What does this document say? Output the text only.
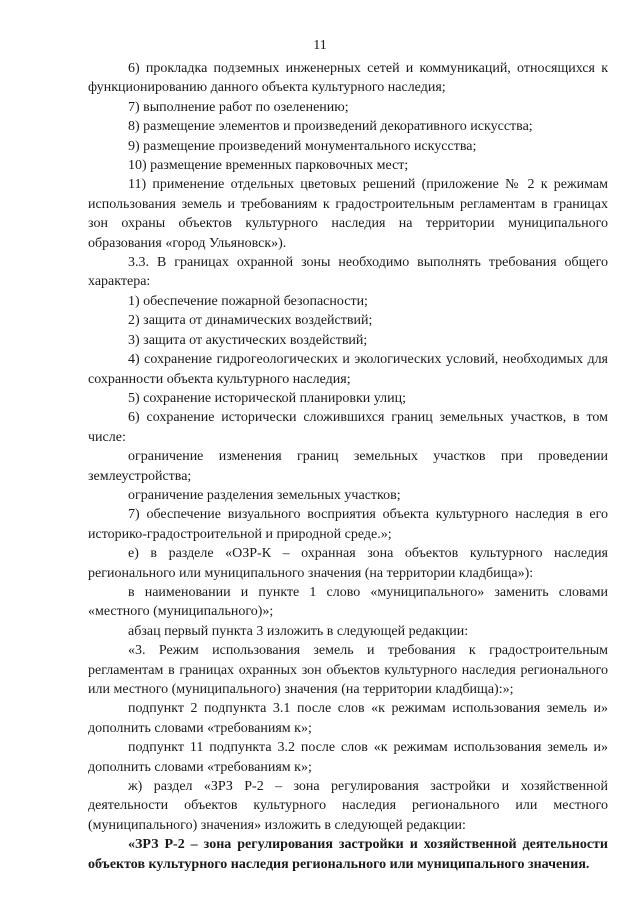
11

6) прокладка подземных инженерных сетей и коммуникаций, относящихся к функционированию данного объекта культурного наследия;

7) выполнение работ по озеленению;

8) размещение элементов и произведений декоративного искусства;

9) размещение произведений монументального искусства;

10) размещение временных парковочных мест;

11) применение отдельных цветовых решений (приложение № 2 к режимам использования земель и требованиям к градостроительным регламентам в границах зон охраны объектов культурного наследия на территории муниципального образования «город Ульяновск»).

3.3. В границах охранной зоны необходимо выполнять требования общего характера:

1) обеспечение пожарной безопасности;

2) защита от динамических воздействий;

3) защита от акустических воздействий;

4) сохранение гидрогеологических и экологических условий, необходимых для сохранности объекта культурного наследия;

5) сохранение исторической планировки улиц;

6) сохранение исторически сложившихся границ земельных участков, в том числе:

ограничение изменения границ земельных участков при проведении землеустройства;

ограничение разделения земельных участков;

7) обеспечение визуального восприятия объекта культурного наследия в его историко-градостроительной и природной среде.»;

е) в разделе «ОЗР-К – охранная зона объектов культурного наследия регионального или муниципального значения (на территории кладбища»):

в наименовании и пункте 1 слово «муниципального» заменить словами «местного (муниципального)»;

абзац первый пункта 3 изложить в следующей редакции:

«3. Режим использования земель и требования к градостроительным регламентам в границах охранных зон объектов культурного наследия регионального или местного (муниципального) значения (на территории кладбища):»;

подпункт 2 подпункта 3.1 после слов «к режимам использования земель и» дополнить словами «требованиям к»;

подпункт 11 подпункта 3.2 после слов «к режимам использования земель и» дополнить словами «требованиям к»;

ж) раздел «ЗРЗ Р-2 – зона регулирования застройки и хозяйственной деятельности объектов культурного наследия регионального или местного (муниципального) значения» изложить в следующей редакции:

«ЗРЗ Р-2 – зона регулирования застройки и хозяйственной деятельности объектов культурного наследия регионального или муниципального значения.
